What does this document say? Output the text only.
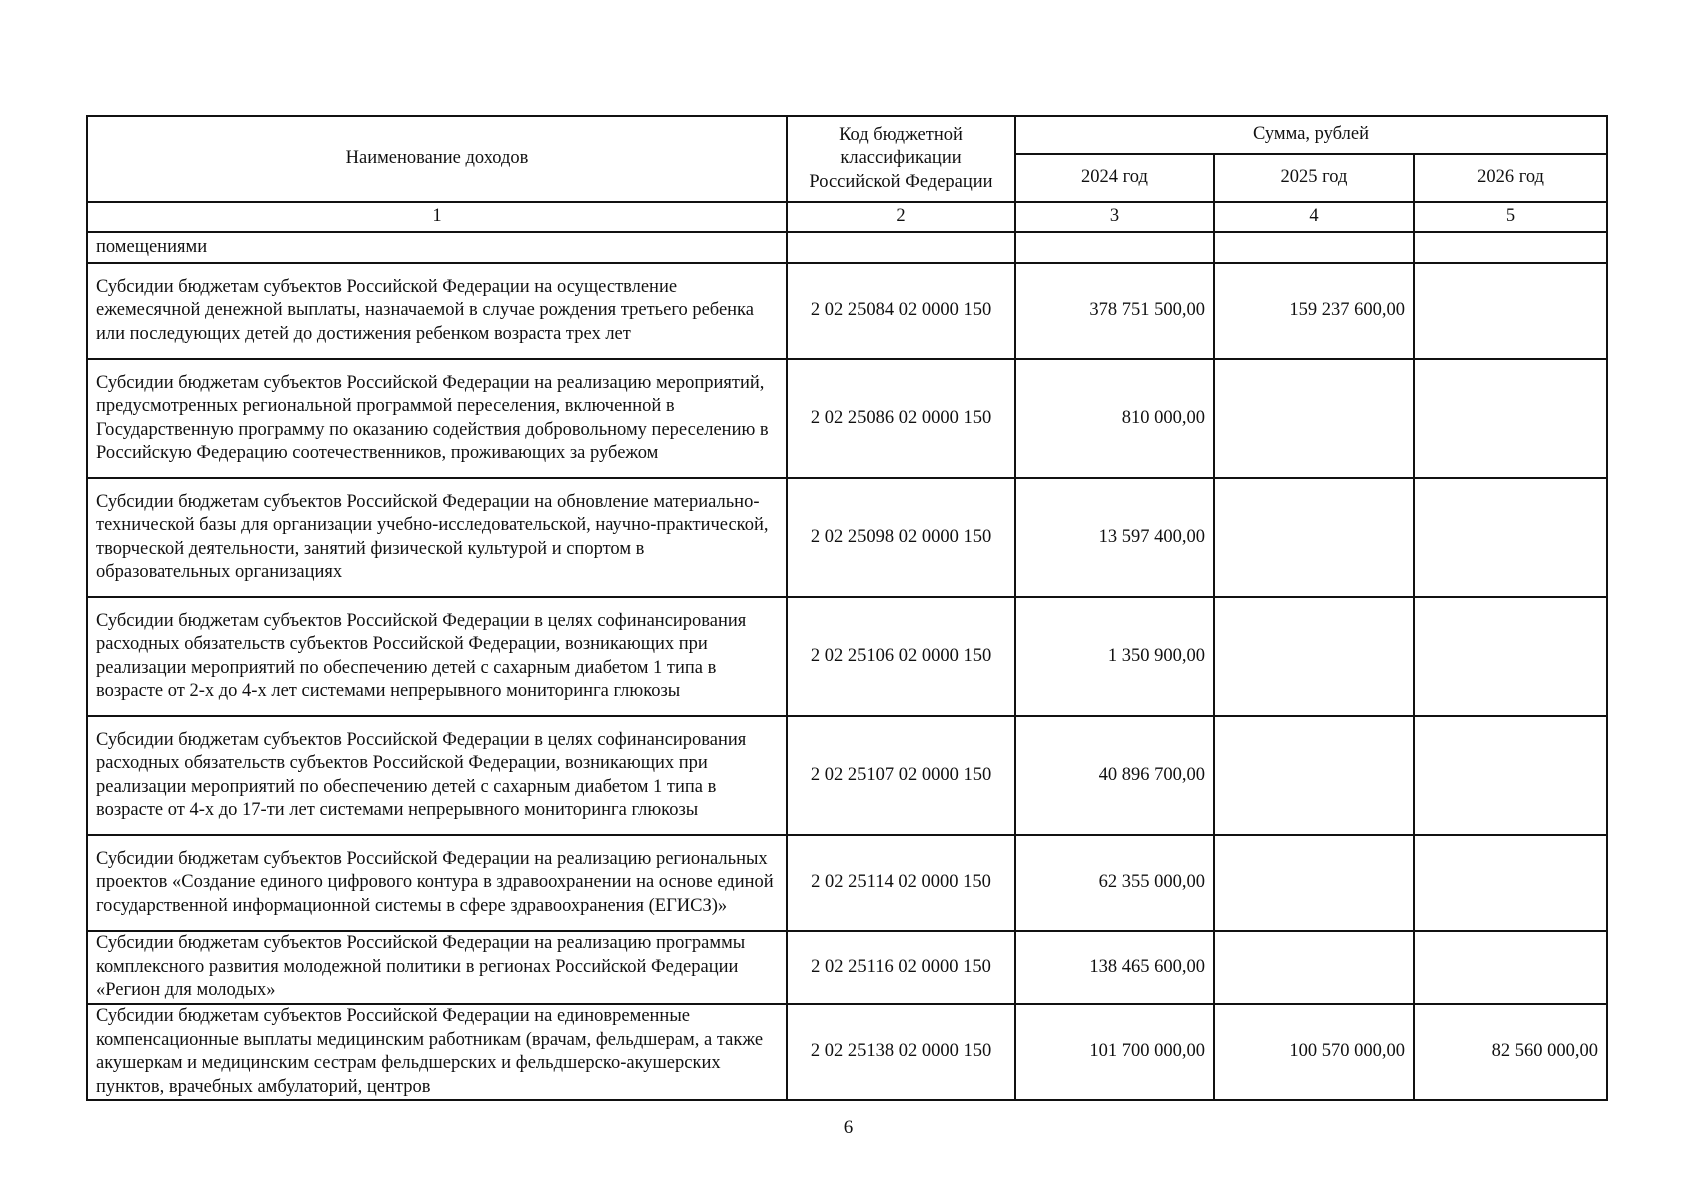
Наименование доходов	Код бюджетной классификации Российской Федерации	Сумма, рублей		
		2024 год	2025 год	2026 год
1	2	3	4	5
помещениями				
Субсидии бюджетам субъектов Российской Федерации на осуществление ежемесячной денежной выплаты, назначаемой в случае рождения третьего ребенка или последующих детей до достижения ребенком возраста трех лет	2 02 25084 02 0000 150	378 751 500,00	159 237 600,00	
Субсидии бюджетам субъектов Российской Федерации на реализацию мероприятий, предусмотренных региональной программой переселения, включенной в Государственную программу по оказанию содействия добровольному переселению в Российскую Федерацию соотечественников, проживающих за рубежом	2 02 25086 02 0000 150	810 000,00		
Субсидии бюджетам субъектов Российской Федерации на обновление материально-технической базы для организации учебно-исследовательской, научно-практической, творческой деятельности, занятий физической культурой и спортом в образовательных организациях	2 02 25098 02 0000 150	13 597 400,00		
Субсидии бюджетам субъектов Российской Федерации в целях софинансирования расходных обязательств субъектов Российской Федерации, возникающих при реализации мероприятий по обеспечению детей с сахарным диабетом 1 типа в возрасте от 2-х до 4-х лет системами непрерывного мониторинга глюкозы	2 02 25106 02 0000 150	1 350 900,00		
Субсидии бюджетам субъектов Российской Федерации в целях софинансирования расходных обязательств субъектов Российской Федерации, возникающих при реализации мероприятий по обеспечению детей с сахарным диабетом 1 типа в возрасте от 4-х до 17-ти лет системами непрерывного мониторинга глюкозы	2 02 25107 02 0000 150	40 896 700,00		
Субсидии бюджетам субъектов Российской Федерации на реализацию региональных проектов «Создание единого цифрового контура в здравоохранении на основе единой государственной информационной системы в сфере здравоохранения (ЕГИСЗ)»	2 02 25114 02 0000 150	62 355 000,00		
Субсидии бюджетам субъектов Российской Федерации на реализацию программы комплексного развития молодежной политики в регионах Российской Федерации «Регион для молодых»	2 02 25116 02 0000 150	138 465 600,00		
Субсидии бюджетам субъектов Российской Федерации на единовременные компенсационные выплаты медицинским работникам (врачам, фельдшерам, а также акушеркам и медицинским сестрам фельдшерских и фельдшерско-акушерских пунктов, врачебных амбулаторий, центров	2 02 25138 02 0000 150	101 700 000,00	100 570 000,00	82 560 000,00
6
